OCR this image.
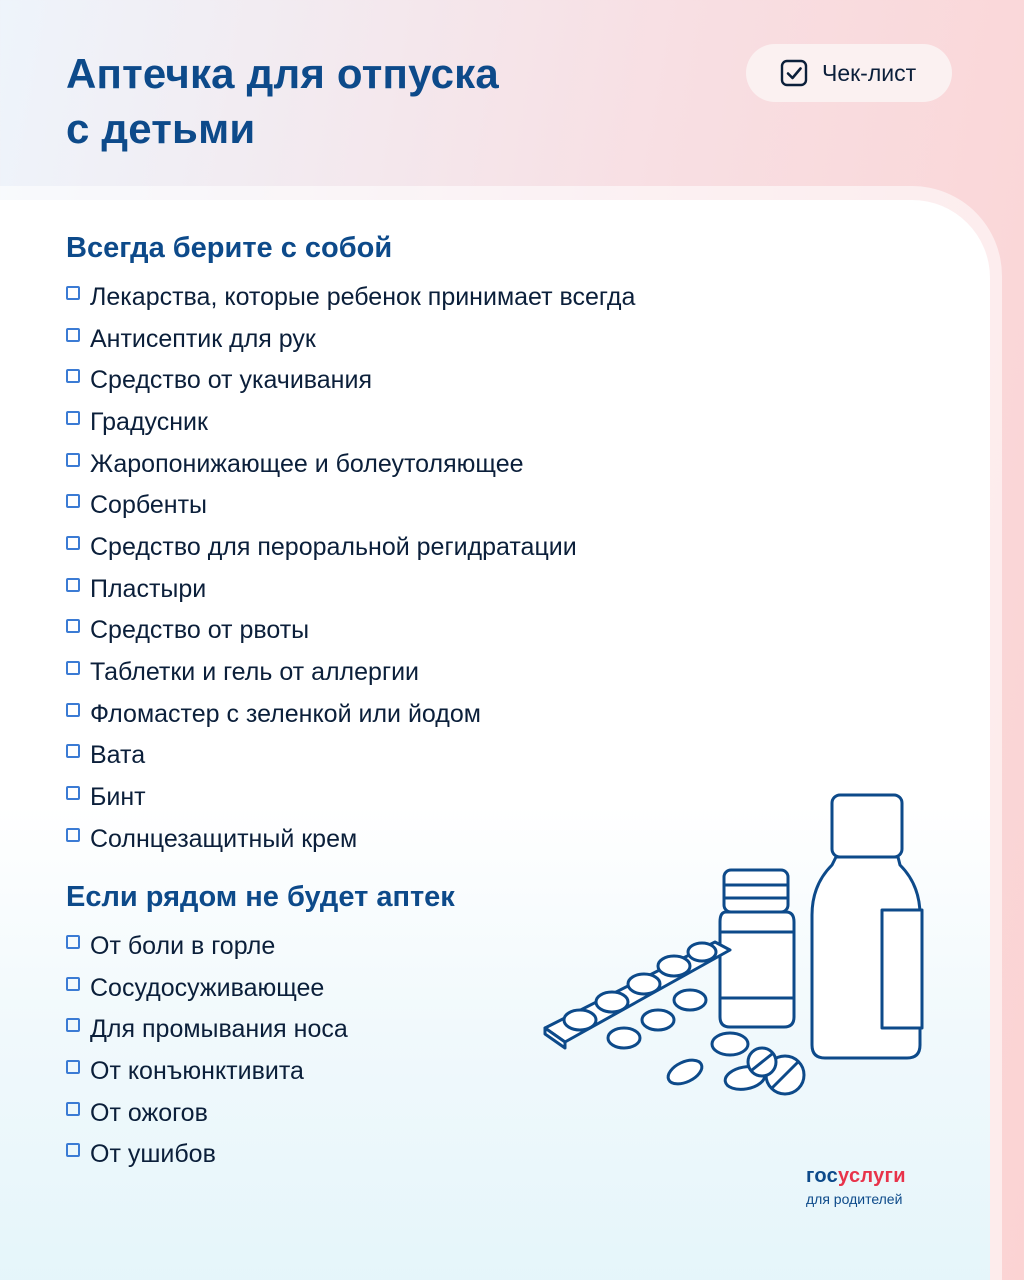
Аптечка для отпуска
с детьми
Чек-лист
Всегда берите с собой
Лекарства, которые ребенок принимает всегда
Антисептик для рук
Средство от укачивания
Градусник
Жаропонижающее и болеутоляющее
Сорбенты
Средство для пероральной регидратации
Пластыри
Средство от рвоты
Таблетки и гель от аллергии
Фломастер с зеленкой или йодом
Вата
Бинт
Солнцезащитный крем
Если рядом не будет аптек
От боли в горле
Сосудосуживающее
Для промывания носа
От конъюнктивита
От ожогов
От ушибов
госуслуги
для родителей
